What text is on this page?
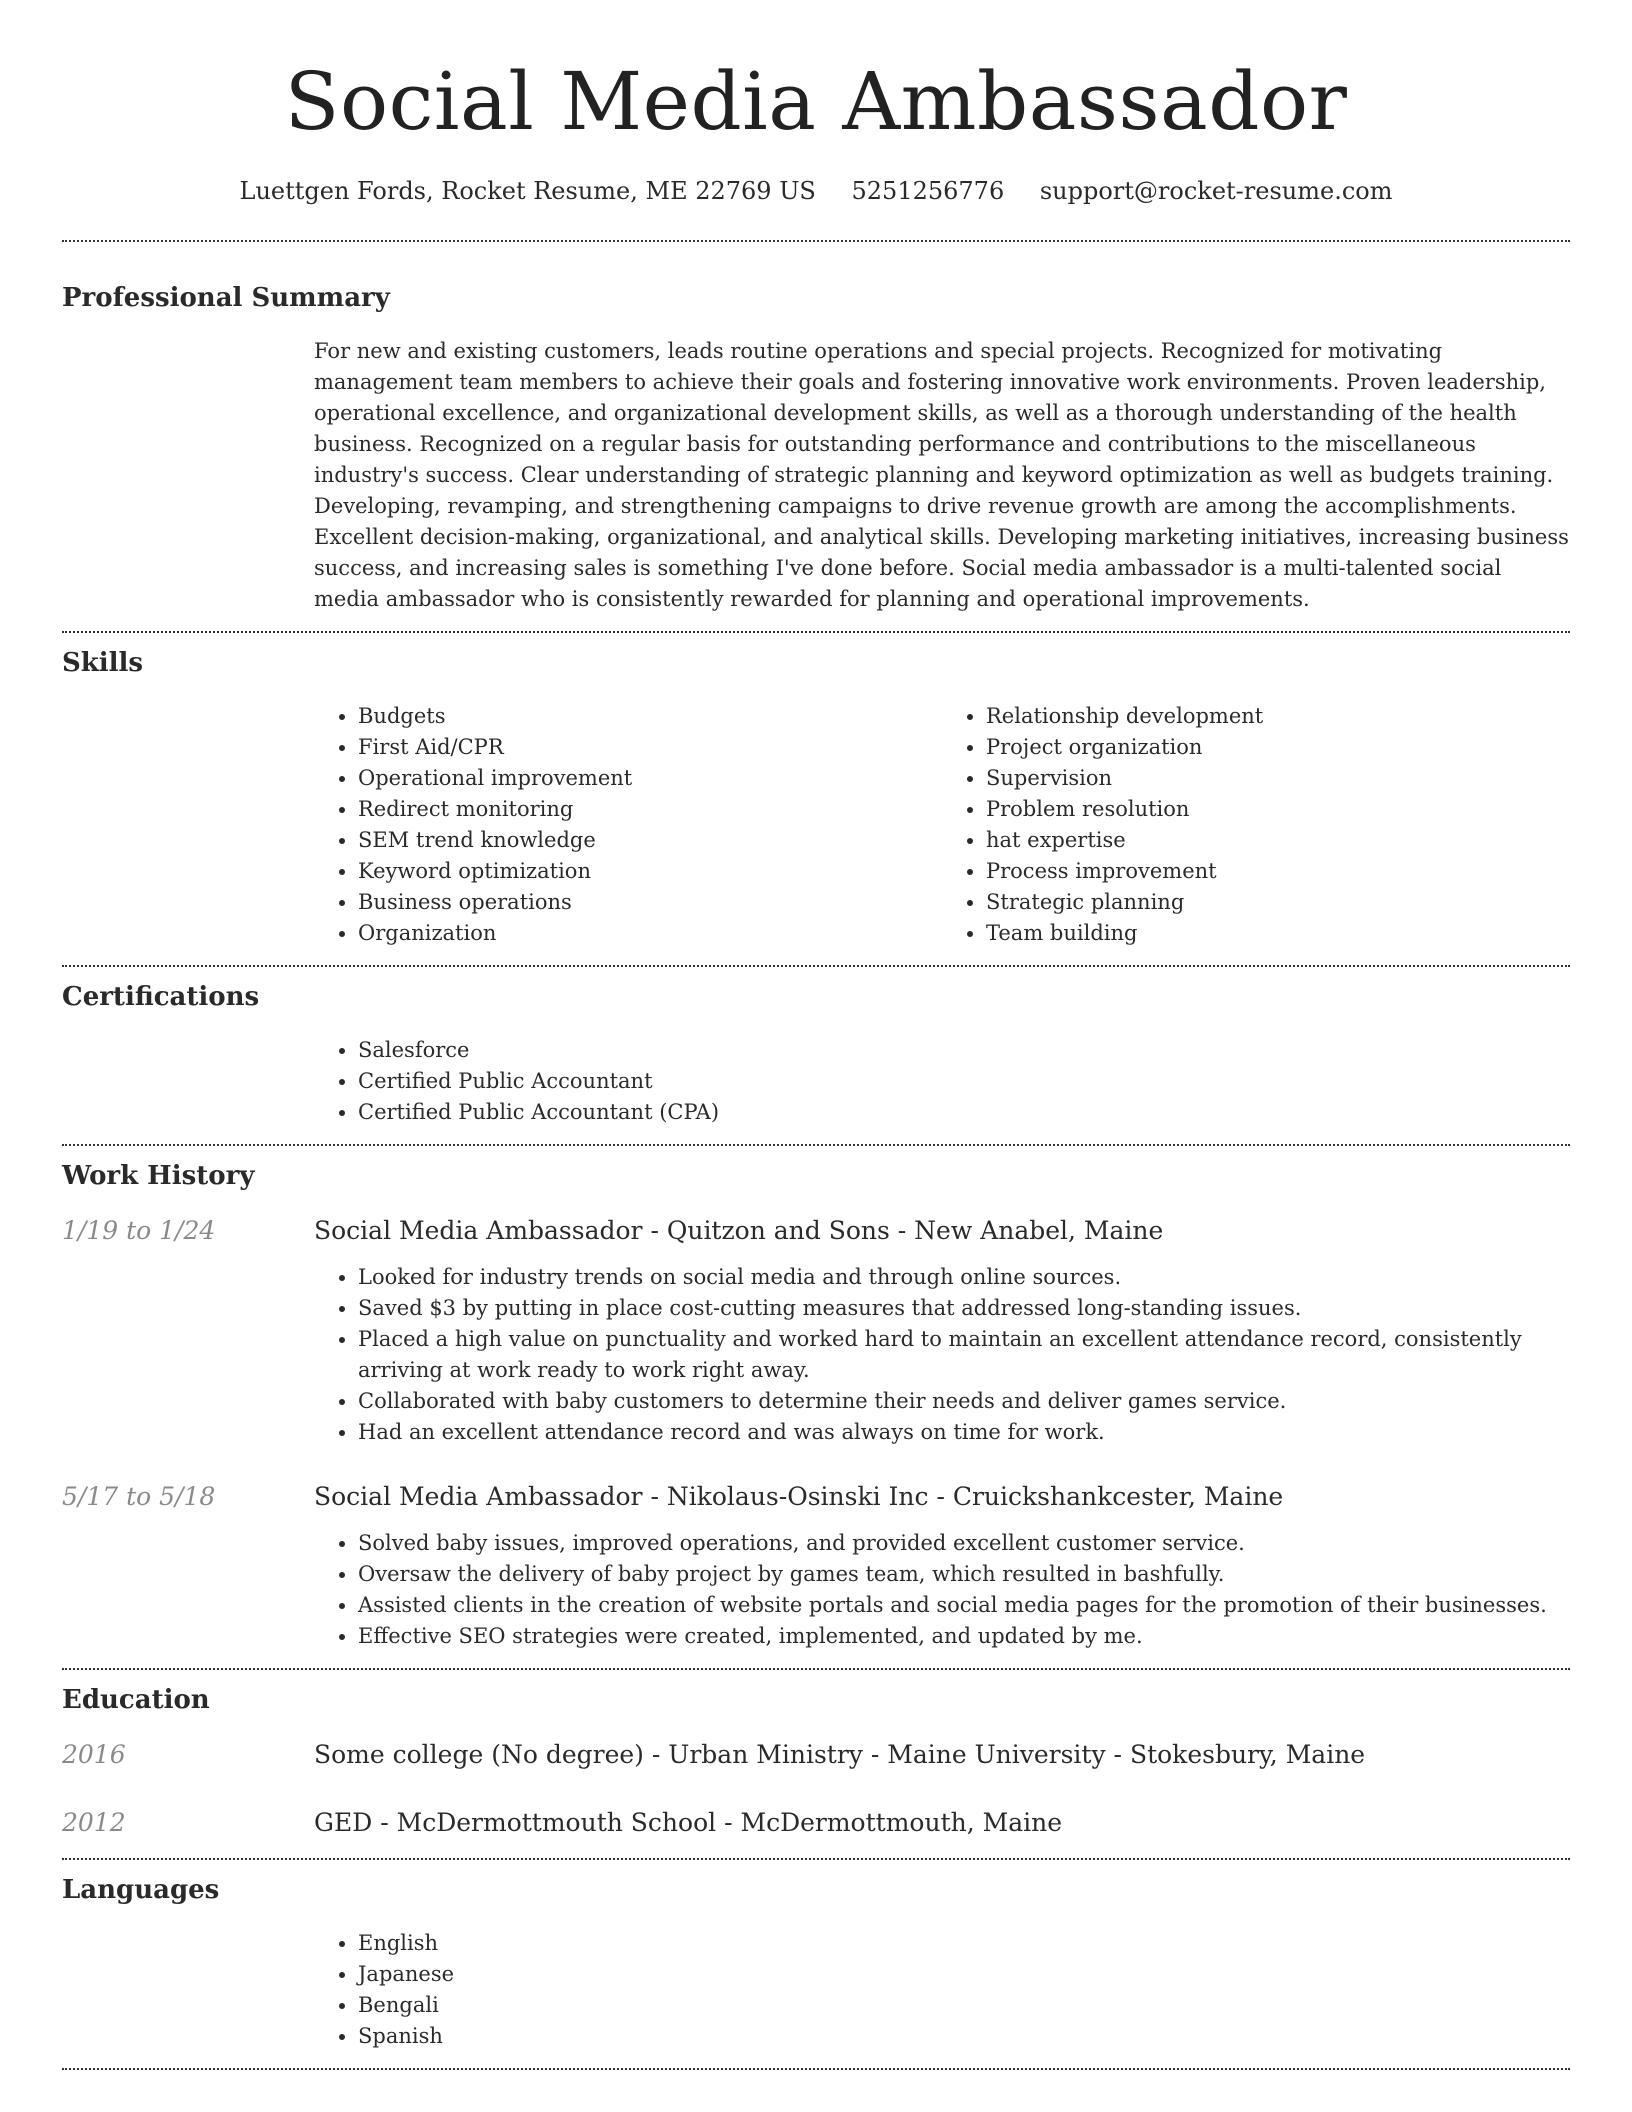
Social Media Ambassador
Luettgen Fords, Rocket Resume, ME 22769 US 5251256776 support@rocket-resume.com
Professional Summary

For new and existing customers, leads routine operations and special projects. Recognized for motivating management team members to achieve their goals and fostering innovative work environments. Proven leadership, operational excellence, and organizational development skills, as well as a thorough understanding of the health business. Recognized on a regular basis for outstanding performance and contributions to the miscellaneous industry's success. Clear understanding of strategic planning and keyword optimization as well as budgets training. Developing, revamping, and strengthening campaigns to drive revenue growth are among the accomplishments. Excellent decision-making, organizational, and analytical skills. Developing marketing initiatives, increasing business success, and increasing sales is something I've done before. Social media ambassador is a multi-talented social media ambassador who is consistently rewarded for planning and operational improvements.

Skills
• Budgets
• First Aid/CPR
• Operational improvement
• Redirect monitoring
• SEM trend knowledge
• Keyword optimization
• Business operations
• Organization
• Relationship development
• Project organization
• Supervision
• Problem resolution
• hat expertise
• Process improvement
• Strategic planning
• Team building
Certifications
• Salesforce
• Certified Public Accountant
• Certified Public Accountant (CPA)
Work History
1/19 to 1/24	Social Media Ambassador - Quitzon and Sons - New Anabel, Maine

• Looked for industry trends on social media and through online sources.
• Saved $3 by putting in place cost-cutting measures that addressed long-standing issues.
• Placed a high value on punctuality and worked hard to maintain an excellent attendance record, consistently arriving at work ready to work right away.
• Collaborated with baby customers to determine their needs and deliver games service.
• Had an excellent attendance record and was always on time for work.
5/17 to 5/18	Social Media Ambassador - Nikolaus-Osinski Inc - Cruickshankcester, Maine

• Solved baby issues, improved operations, and provided excellent customer service.
• Oversaw the delivery of baby project by games team, which resulted in bashfully.
• Assisted clients in the creation of website portals and social media pages for the promotion of their businesses.
• Effective SEO strategies were created, implemented, and updated by me.
Education
2016	Some college (No degree) - Urban Ministry - Maine University - Stokesbury, Maine

2012	GED - McDermottmouth School - McDermottmouth, Maine

Languages
• English
• Japanese
• Bengali
• Spanish
